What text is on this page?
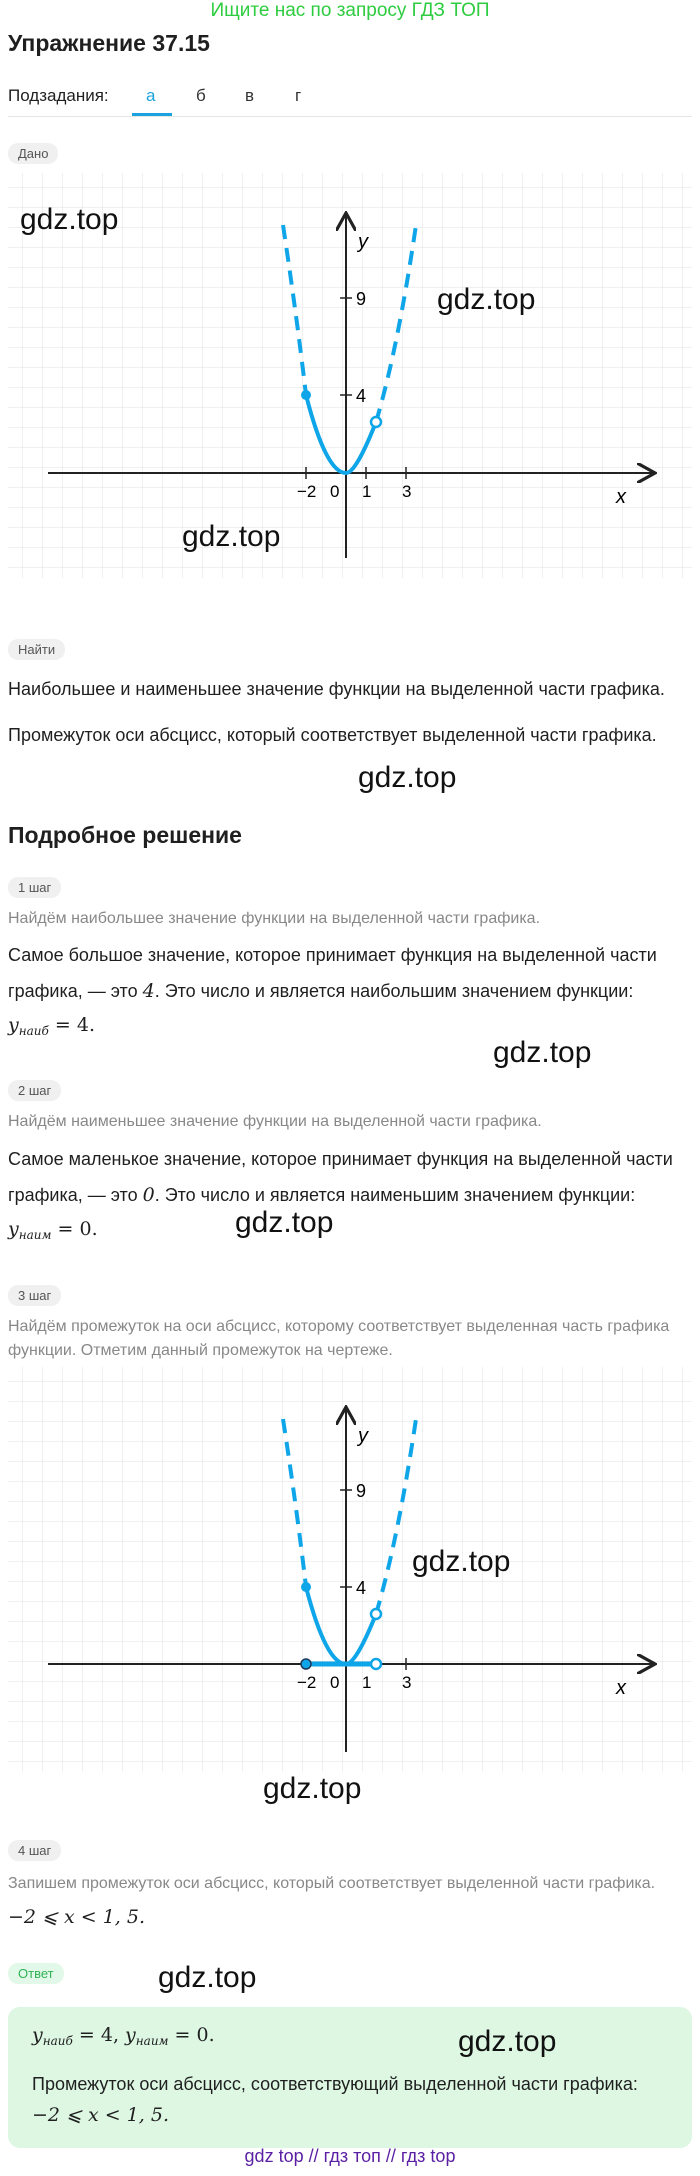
Ищите нас по запросу ГДЗ ТОП
Упражнение 37.15
Подзадания: а б в г
Дано
y
x
9
4
−2 0 1 3
gdz.top
gdz.top
gdz.top
Найти
Наибольшее и наименьшее значение функции на выделенной части графика.
Промежуток оси абсцисс, который соответствует выделенной части графика.
gdz.top
Подробное решение
1 шаг
Найдём наибольшее значение функции на выделенной части графика.
Самое большое значение, которое принимает функция на выделенной части
графика, — это 4. Это число и является наибольшим значением функции:
$y_{наиб} = 4$.
gdz.top
2 шаг
Найдём наименьшее значение функции на выделенной части графика.
Самое маленькое значение, которое принимает функция на выделенной части
графика, — это 0. Это число и является наименьшим значением функции:
$y_{наим} = 0$.	gdz.top
3 шаг
Найдём промежуток на оси абсцисс, которому соответствует выделенная часть графика
функции. Отметим данный промежуток на чертеже.
y
x
9
4
−2 0 1 3
gdz.top
gdz.top
4 шаг
Запишем промежуток оси абсцисс, который соответствует выделенной части графика.
−2 ⩽ x < 1, 5.
Ответ	gdz.top
$y_{наиб} = 4$, $y_{наим} = 0$.	gdz.top
Промежуток оси абсцисс, соответствующий выделенной части графика:
−2 ⩽ x < 1, 5.
gdz top // гдз топ // гдз top
